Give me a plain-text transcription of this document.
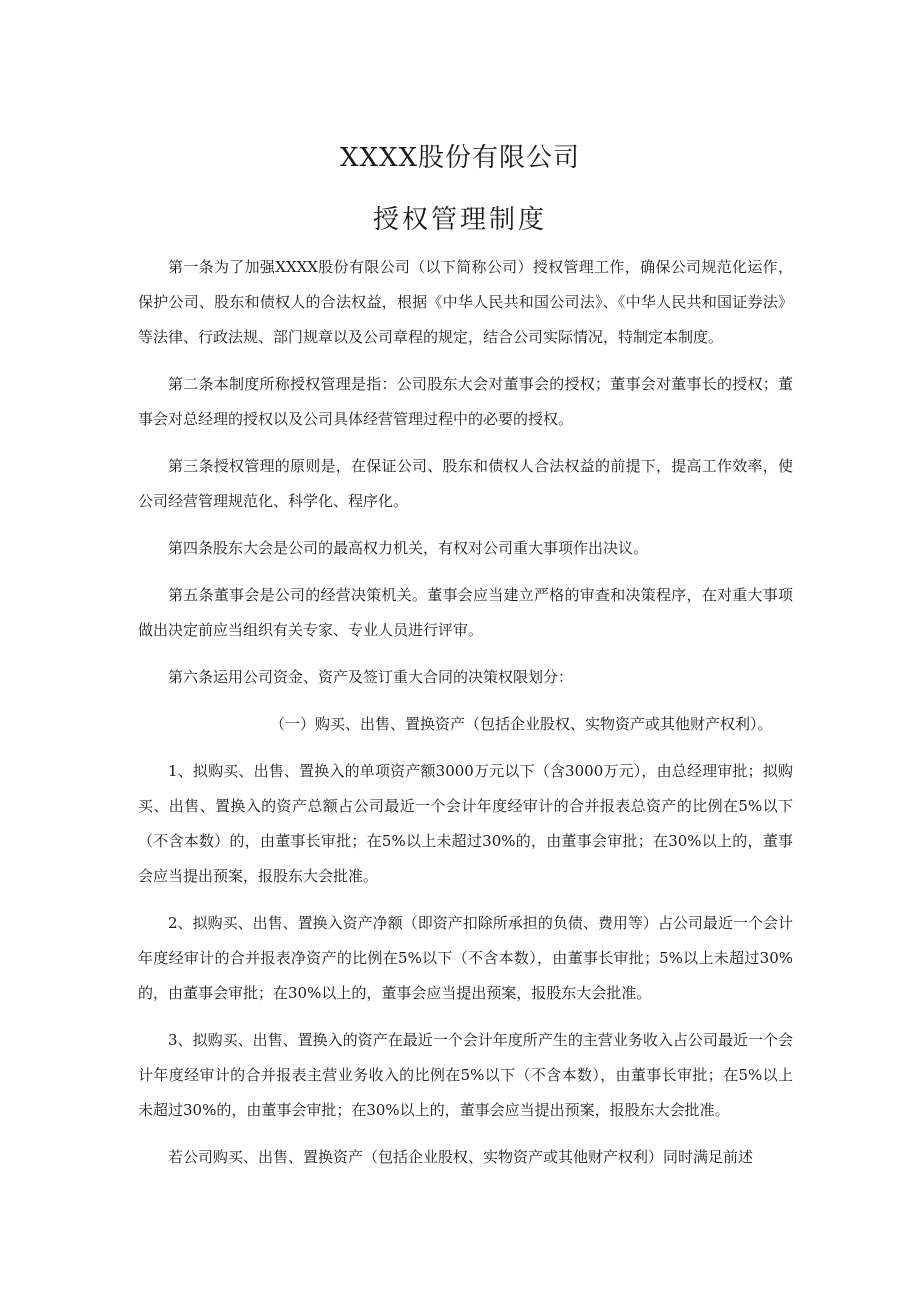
XXXX股份有限公司
授权管理制度

第一条为了加强XXXX股份有限公司（以下简称公司）授权管理工作，确保公司规范化运作，保护公司、股东和债权人的合法权益，根据《中华人民共和国公司法》、《中华人民共和国证券法》等法律、行政法规、部门规章以及公司章程的规定，结合公司实际情况，特制定本制度。

第二条本制度所称授权管理是指：公司股东大会对董事会的授权；董事会对董事长的授权；董事会对总经理的授权以及公司具体经营管理过程中的必要的授权。

第三条授权管理的原则是，在保证公司、股东和债权人合法权益的前提下，提高工作效率，使公司经营管理规范化、科学化、程序化。

第四条股东大会是公司的最高权力机关，有权对公司重大事项作出决议。

第五条董事会是公司的经营决策机关。董事会应当建立严格的审查和决策程序，在对重大事项做出决定前应当组织有关专家、专业人员进行评审。

第六条运用公司资金、资产及签订重大合同的决策权限划分：

（一）购买、出售、置换资产（包括企业股权、实物资产或其他财产权利）。

1、拟购买、出售、置换入的单项资产额3000万元以下（含3000万元），由总经理审批；拟购买、出售、置换入的资产总额占公司最近一个会计年度经审计的合并报表总资产的比例在5%以下（不含本数）的，由董事长审批；在5%以上未超过30%的，由董事会审批；在30%以上的，董事会应当提出预案，报股东大会批准。

2、拟购买、出售、置换入资产净额（即资产扣除所承担的负债、费用等）占公司最近一个会计年度经审计的合并报表净资产的比例在5%以下（不含本数），由董事长审批；5%以上未超过30%的，由董事会审批；在30%以上的，董事会应当提出预案，报股东大会批准。

3、拟购买、出售、置换入的资产在最近一个会计年度所产生的主营业务收入占公司最近一个会计年度经审计的合并报表主营业务收入的比例在5%以下（不含本数），由董事长审批；在5%以上未超过30%的，由董事会审批；在30%以上的，董事会应当提出预案，报股东大会批准。

若公司购买、出售、置换资产（包括企业股权、实物资产或其他财产权利）同时满足前述
